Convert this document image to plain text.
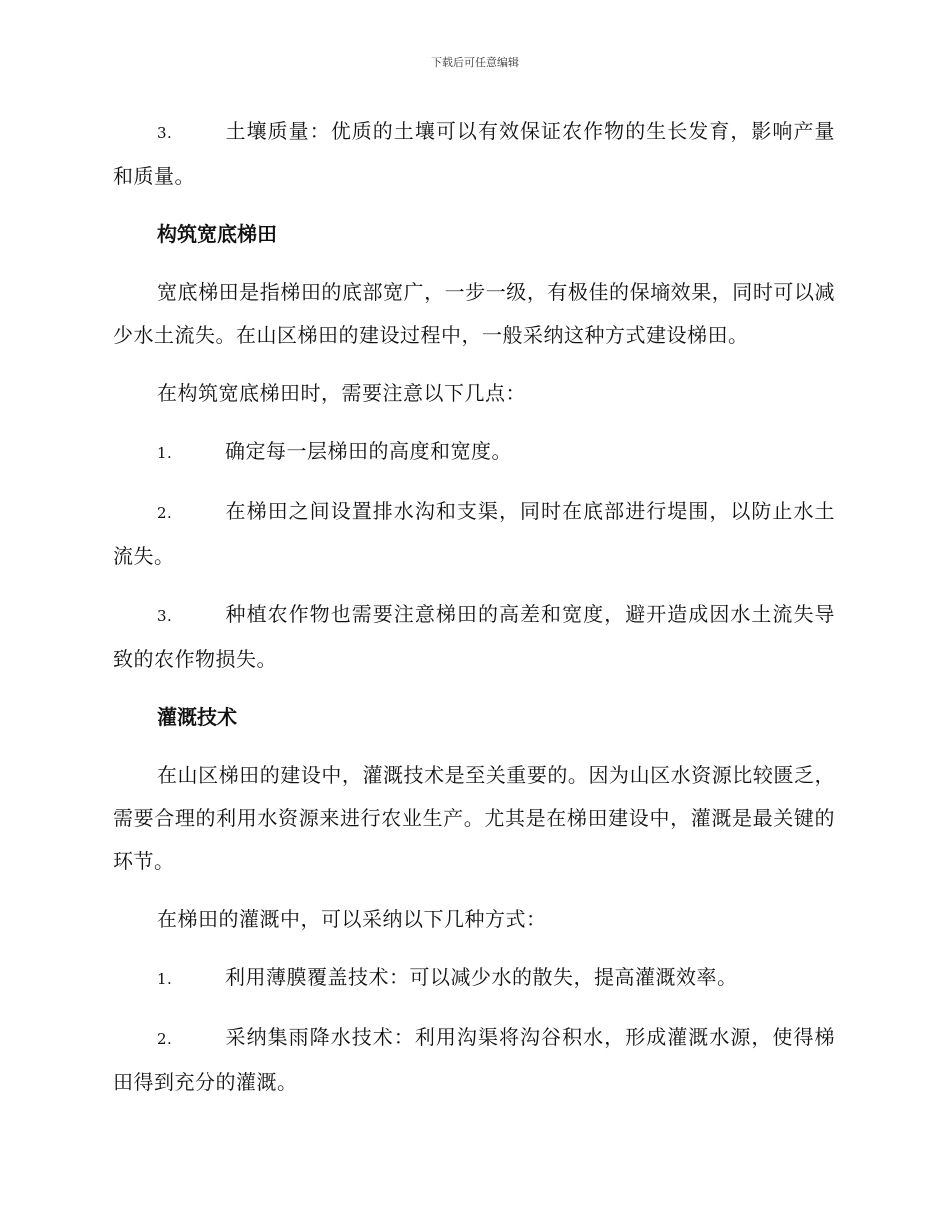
下载后可任意编辑

3.	土壤质量：优质的土壤可以有效保证农作物的生长发育，影响产量和质量。

构筑宽底梯田

宽底梯田是指梯田的底部宽广，一步一级，有极佳的保墒效果，同时可以减少水土流失。在山区梯田的建设过程中，一般采纳这种方式建设梯田。

在构筑宽底梯田时，需要注意以下几点：

1.	确定每一层梯田的高度和宽度。

2.	在梯田之间设置排水沟和支渠，同时在底部进行堤围，以防止水土流失。

3.	种植农作物也需要注意梯田的高差和宽度，避开造成因水土流失导致的农作物损失。

灌溉技术

在山区梯田的建设中，灌溉技术是至关重要的。因为山区水资源比较匮乏，需要合理的利用水资源来进行农业生产。尤其是在梯田建设中，灌溉是最关键的环节。

在梯田的灌溉中，可以采纳以下几种方式：

1.	利用薄膜覆盖技术：可以减少水的散失，提高灌溉效率。

2.	采纳集雨降水技术：利用沟渠将沟谷积水，形成灌溉水源，使得梯田得到充分的灌溉。
